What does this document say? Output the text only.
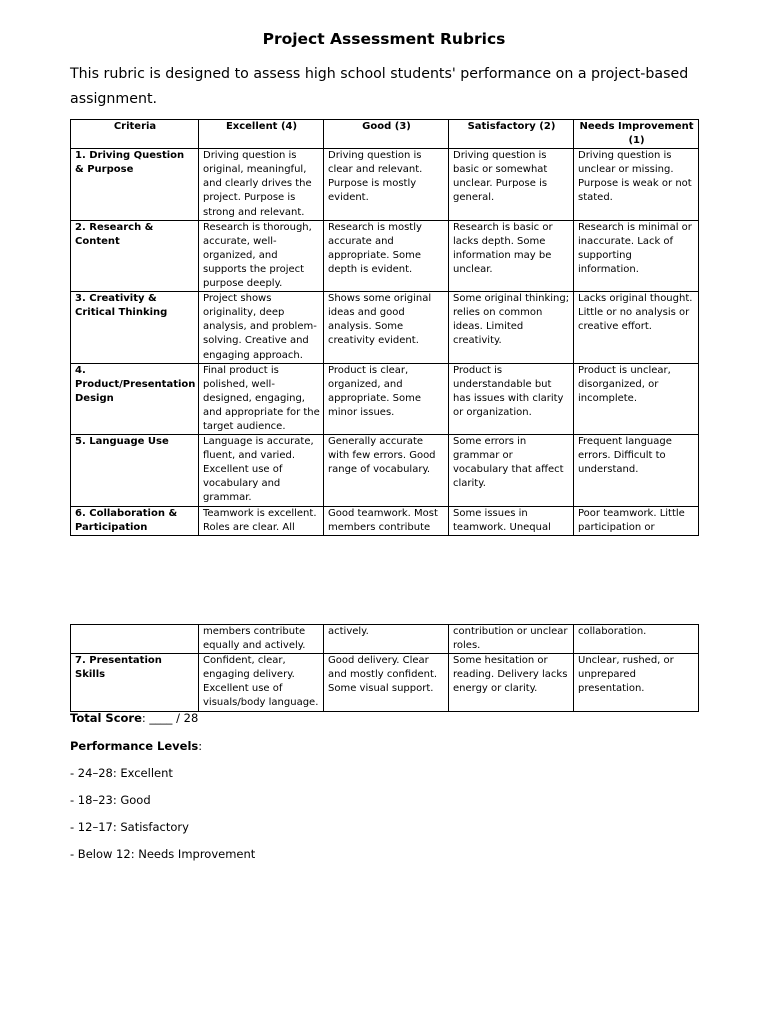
Project Assessment Rubrics
This rubric is designed to assess high school students' performance on a project-based assignment.
Criteria	Excellent (4)	Good (3)	Satisfactory (2)	Needs Improvement (1)
1. Driving Question & Purpose	Driving question is original, meaningful, and clearly drives the project. Purpose is strong and relevant.	Driving question is clear and relevant. Purpose is mostly evident.	Driving question is basic or somewhat unclear. Purpose is general.	Driving question is unclear or missing. Purpose is weak or not stated.
2. Research & Content	Research is thorough, accurate, well-organized, and supports the project purpose deeply.	Research is mostly accurate and appropriate. Some depth is evident.	Research is basic or lacks depth. Some information may be unclear.	Research is minimal or inaccurate. Lack of supporting information.
3. Creativity & Critical Thinking	Project shows originality, deep analysis, and problem-solving. Creative and engaging approach.	Shows some original ideas and good analysis. Some creativity evident.	Some original thinking; relies on common ideas. Limited creativity.	Lacks original thought. Little or no analysis or creative effort.
4. Product/Presentation Design	Final product is polished, well-designed, engaging, and appropriate for the target audience.	Product is clear, organized, and appropriate. Some minor issues.	Product is understandable but has issues with clarity or organization.	Product is unclear, disorganized, or incomplete.
5. Language Use	Language is accurate, fluent, and varied. Excellent use of vocabulary and grammar.	Generally accurate with few errors. Good range of vocabulary.	Some errors in grammar or vocabulary that affect clarity.	Frequent language errors. Difficult to understand.
6. Collaboration & Participation	Teamwork is excellent. Roles are clear. All	Good teamwork. Most members contribute	Some issues in teamwork. Unequal	Poor teamwork. Little participation or
	members contribute equally and actively.	actively.	contribution or unclear roles.	collaboration.
7. Presentation Skills	Confident, clear, engaging delivery. Excellent use of visuals/body language.	Good delivery. Clear and mostly confident. Some visual support.	Some hesitation or reading. Delivery lacks energy or clarity.	Unclear, rushed, or unprepared presentation.
Total Score: ____ / 28
Performance Levels:
- 24–28: Excellent
- 18–23: Good
- 12–17: Satisfactory
- Below 12: Needs Improvement
